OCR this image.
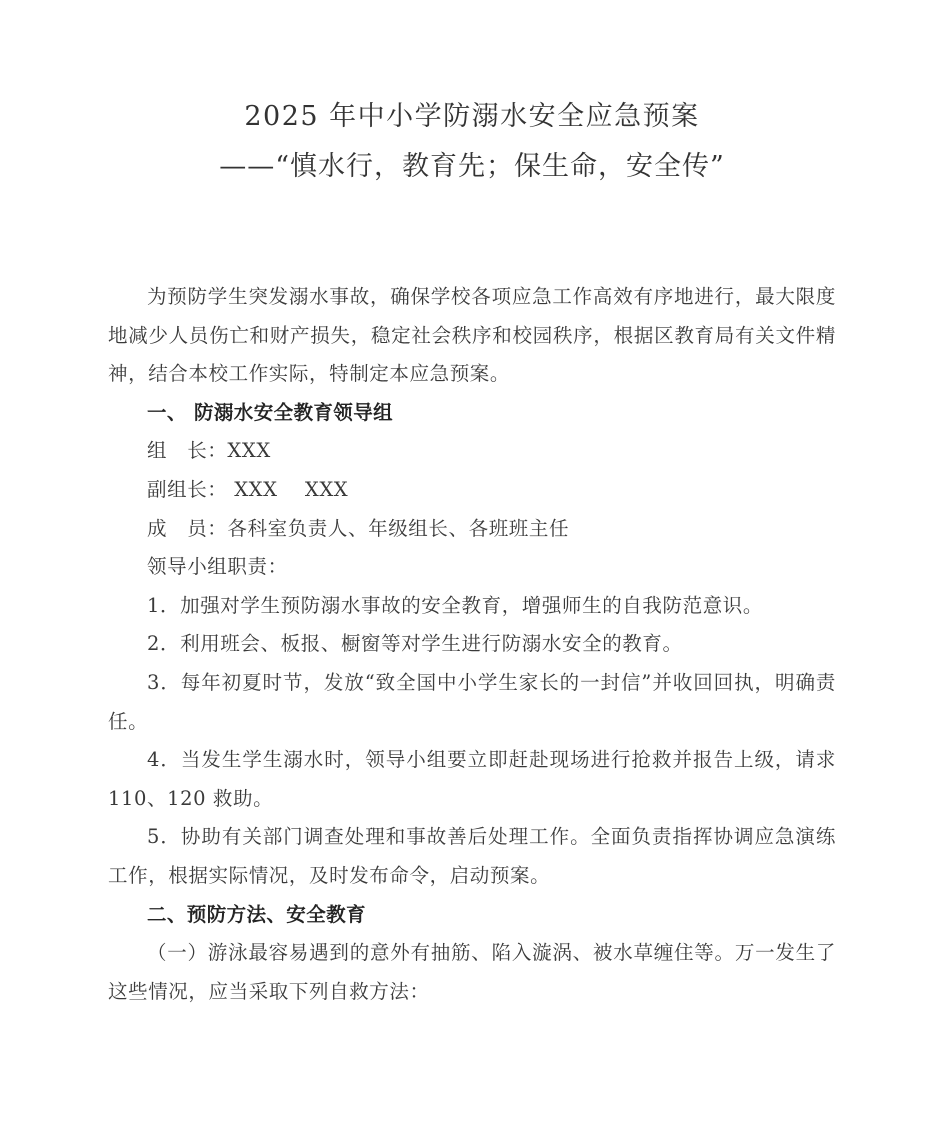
2025 年中小学防溺水安全应急预案
——“慎水行，教育先；保生命，安全传”

为预防学生突发溺水事故，确保学校各项应急工作高效有序地进行，最大限度地减少人员伤亡和财产损失，稳定社会秩序和校园秩序，根据区教育局有关文件精神，结合本校工作实际，特制定本应急预案。

一、 防溺水安全教育领导组

组　长：XXX

副组长： XXX    XXX

成　员：各科室负责人、年级组长、各班班主任

领导小组职责：

1．加强对学生预防溺水事故的安全教育，增强师生的自我防范意识。

2．利用班会、板报、橱窗等对学生进行防溺水安全的教育。

3．每年初夏时节，发放“致全国中小学生家长的一封信”并收回回执，明确责任。

4．当发生学生溺水时，领导小组要立即赶赴现场进行抢救并报告上级，请求 110、120 救助。

5．协助有关部门调查处理和事故善后处理工作。全面负责指挥协调应急演练工作，根据实际情况，及时发布命令，启动预案。

二、预防方法、安全教育

（一）游泳最容易遇到的意外有抽筋、陷入漩涡、被水草缠住等。万一发生了这些情况，应当采取下列自救方法：
